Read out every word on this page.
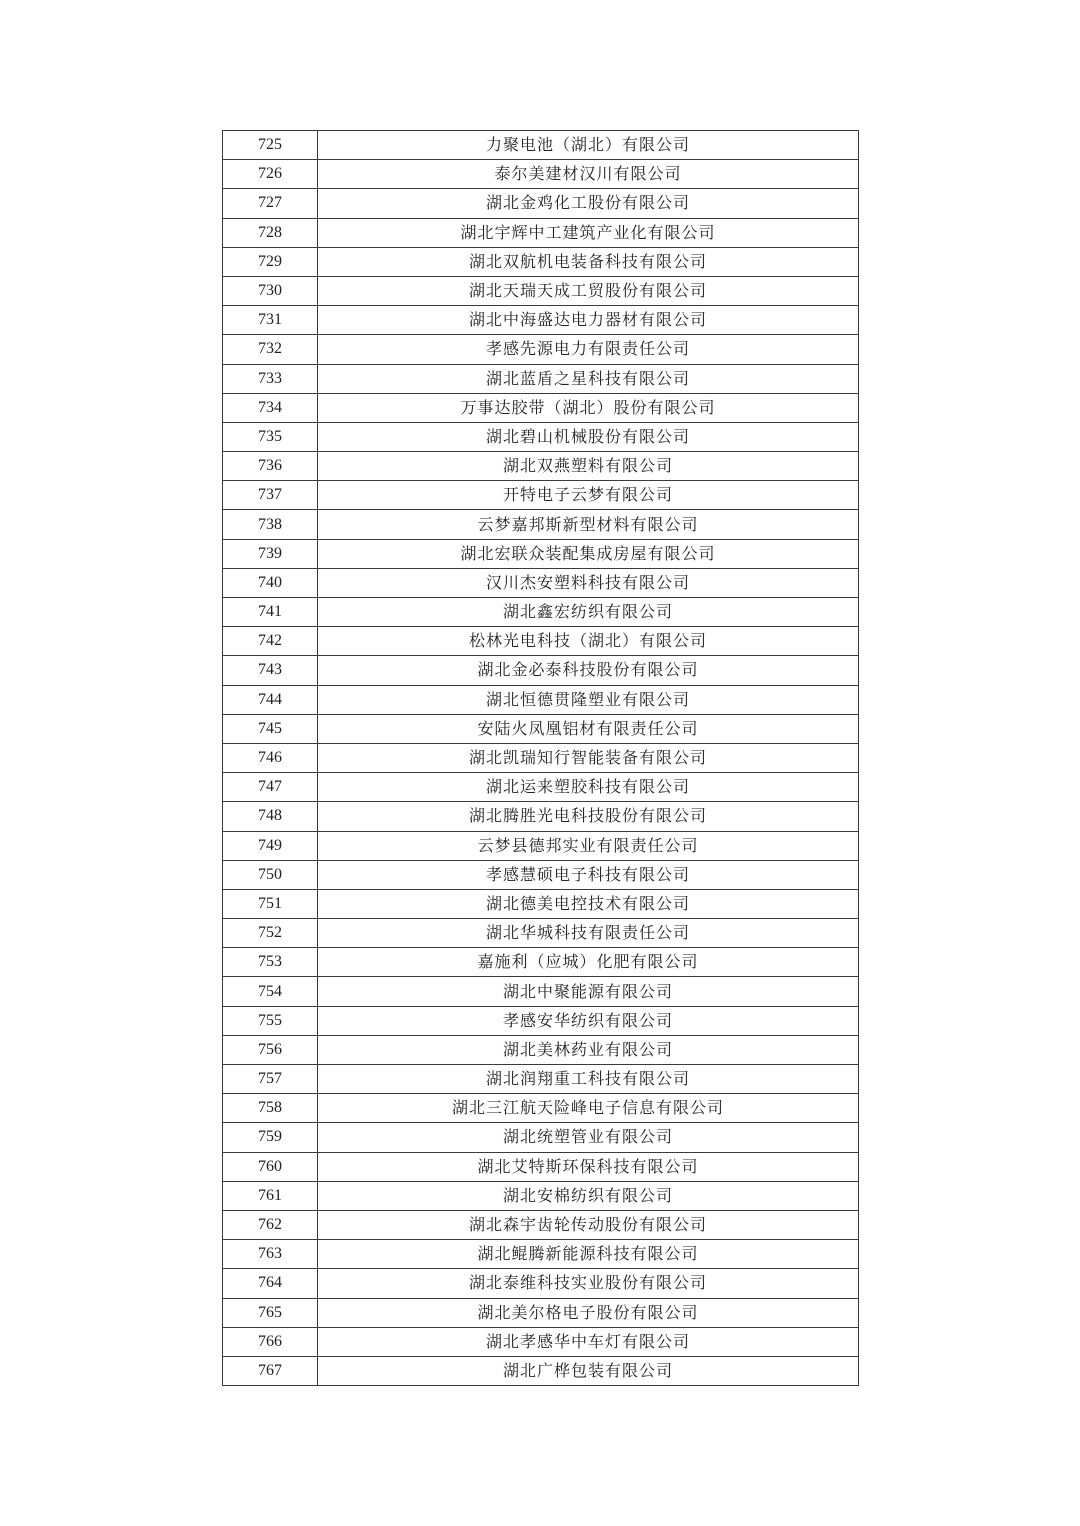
725	力聚电池（湖北）有限公司
726	泰尔美建材汉川有限公司
727	湖北金鸡化工股份有限公司
728	湖北宇辉中工建筑产业化有限公司
729	湖北双航机电装备科技有限公司
730	湖北天瑞天成工贸股份有限公司
731	湖北中海盛达电力器材有限公司
732	孝感先源电力有限责任公司
733	湖北蓝盾之星科技有限公司
734	万事达胶带（湖北）股份有限公司
735	湖北碧山机械股份有限公司
736	湖北双燕塑料有限公司
737	开特电子云梦有限公司
738	云梦嘉邦斯新型材料有限公司
739	湖北宏联众装配集成房屋有限公司
740	汉川杰安塑料科技有限公司
741	湖北鑫宏纺织有限公司
742	松林光电科技（湖北）有限公司
743	湖北金必泰科技股份有限公司
744	湖北恒德贯隆塑业有限公司
745	安陆火凤凰铝材有限责任公司
746	湖北凯瑞知行智能装备有限公司
747	湖北运来塑胶科技有限公司
748	湖北腾胜光电科技股份有限公司
749	云梦县德邦实业有限责任公司
750	孝感慧硕电子科技有限公司
751	湖北德美电控技术有限公司
752	湖北华城科技有限责任公司
753	嘉施利（应城）化肥有限公司
754	湖北中聚能源有限公司
755	孝感安华纺织有限公司
756	湖北美林药业有限公司
757	湖北润翔重工科技有限公司
758	湖北三江航天险峰电子信息有限公司
759	湖北统塑管业有限公司
760	湖北艾特斯环保科技有限公司
761	湖北安棉纺织有限公司
762	湖北森宇齿轮传动股份有限公司
763	湖北鲲腾新能源科技有限公司
764	湖北泰维科技实业股份有限公司
765	湖北美尔格电子股份有限公司
766	湖北孝感华中车灯有限公司
767	湖北广桦包装有限公司
